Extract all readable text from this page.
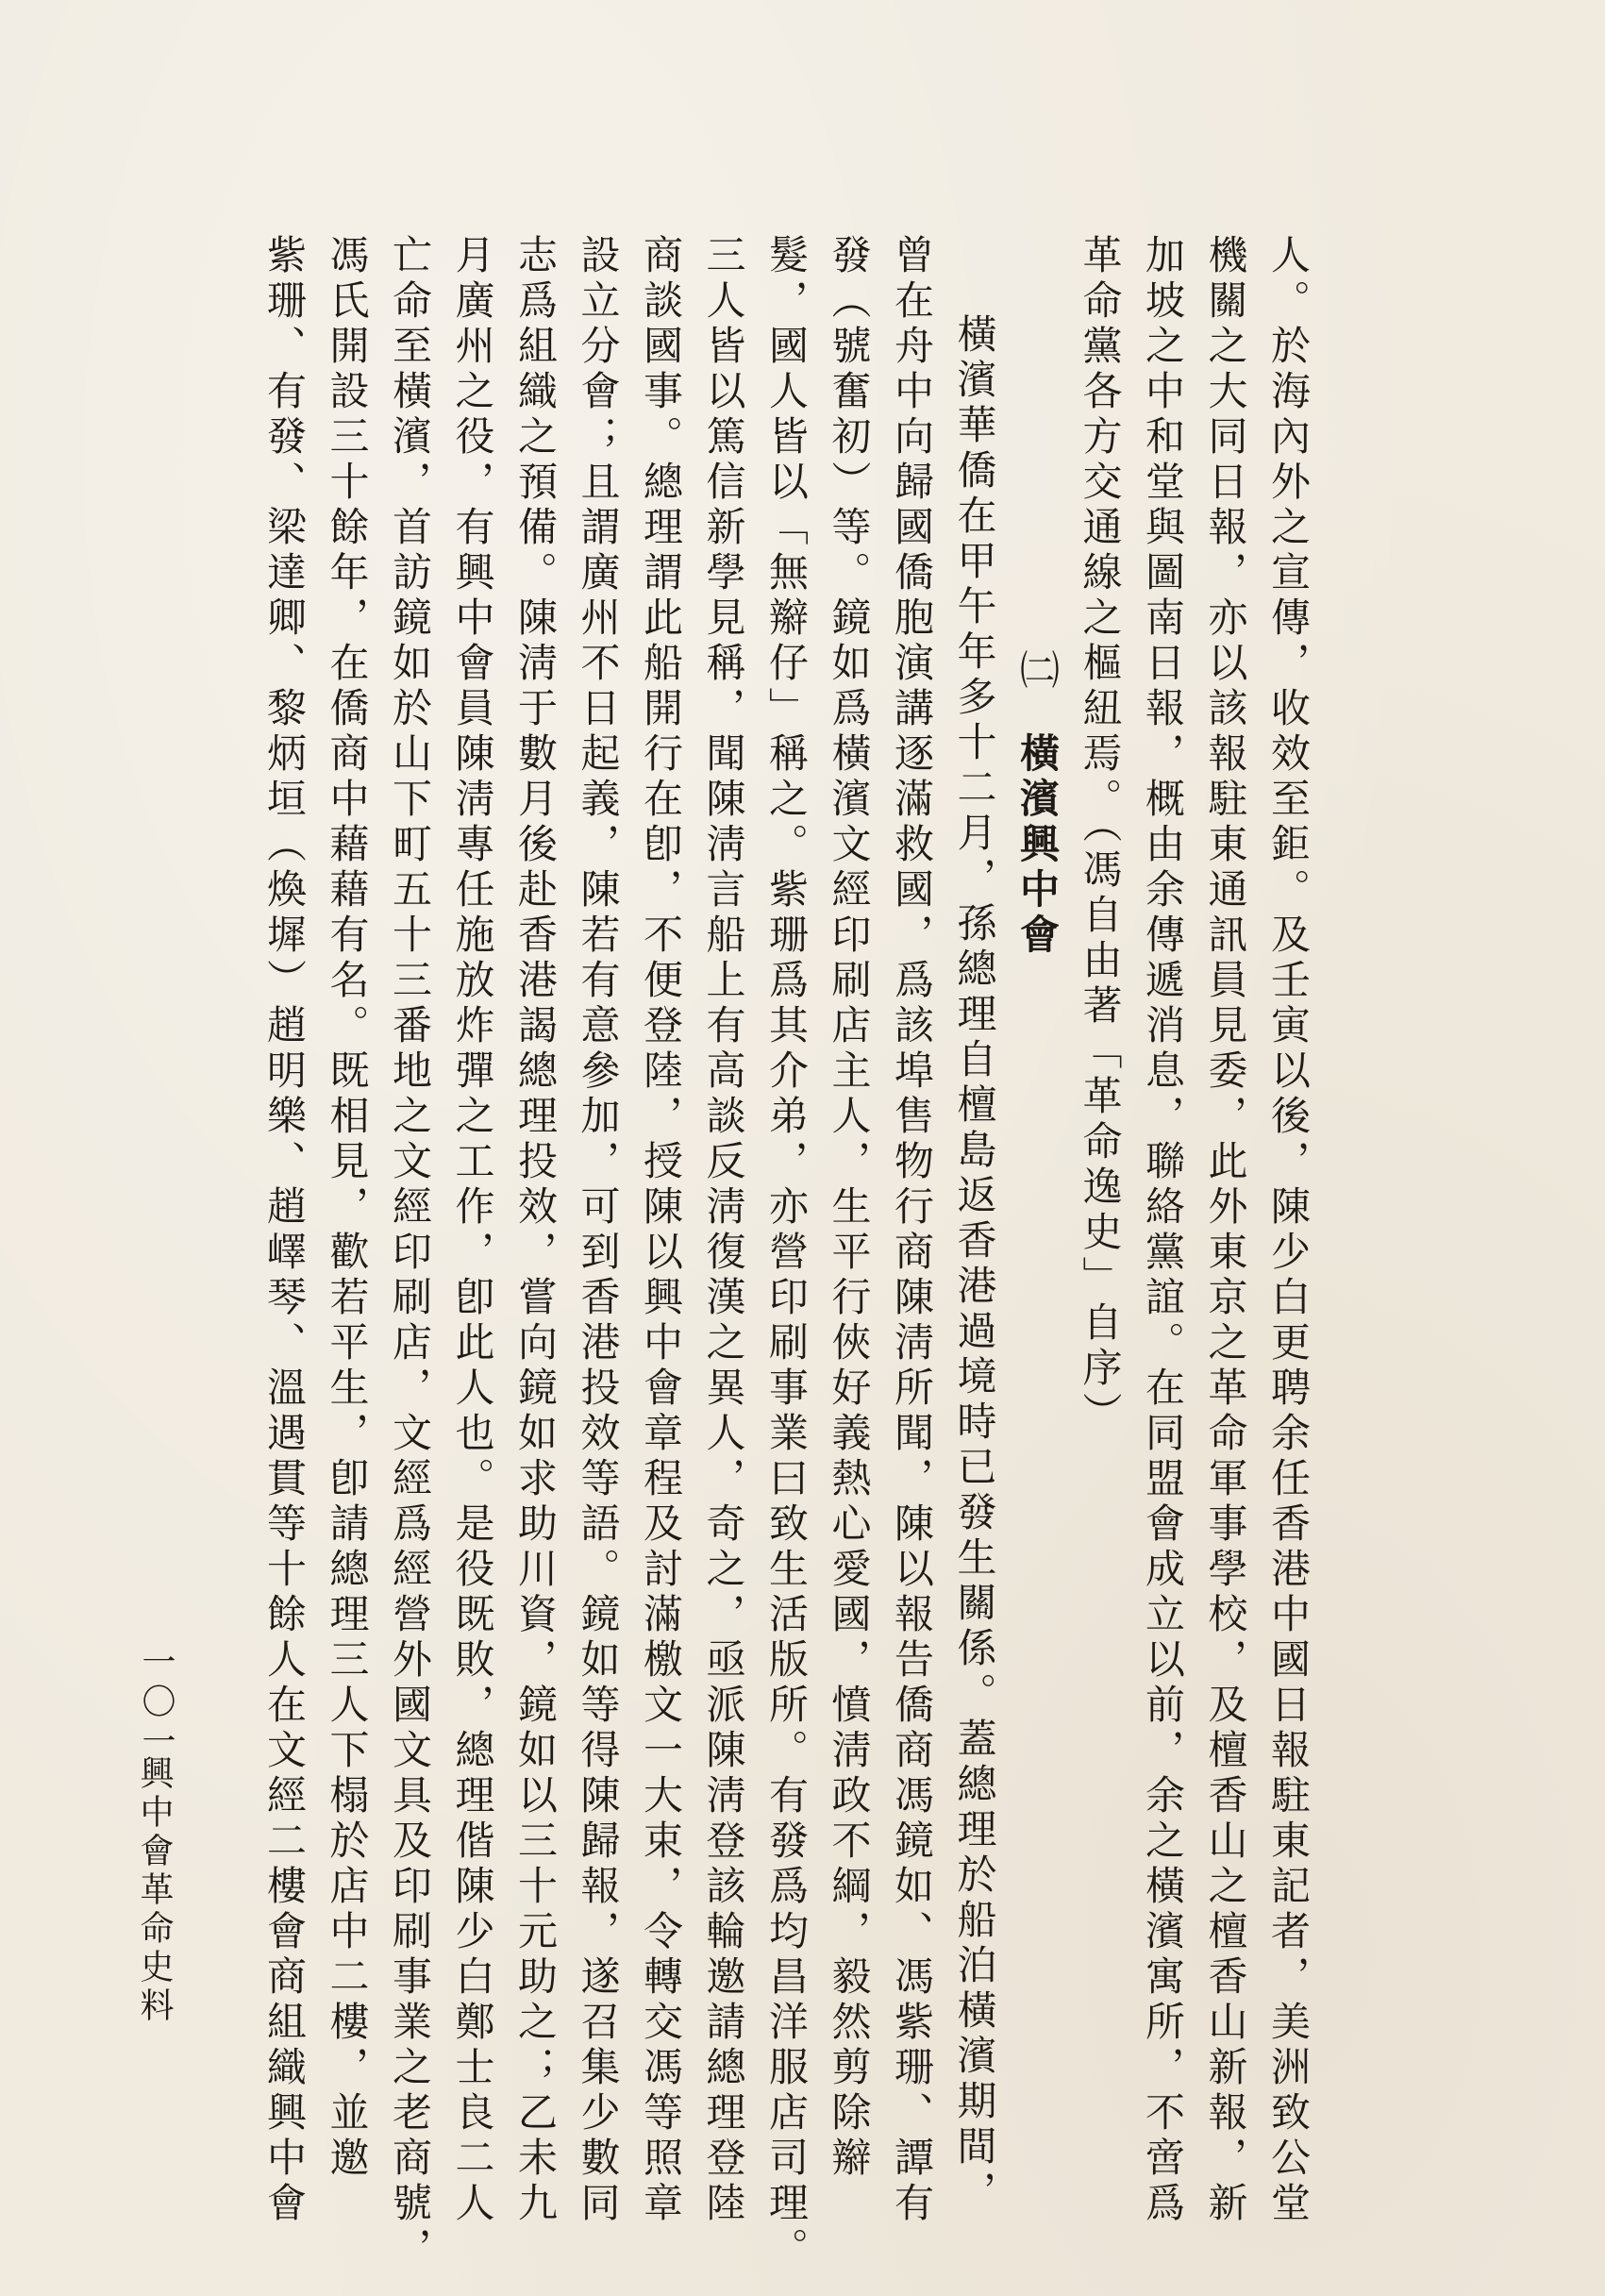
人。於海內外之宣傳，收效至鉅。及壬寅以後，陳少白更聘余任香港中國日報駐東記者，美洲致公堂
機關之大同日報，亦以該報駐東通訊員見委，此外東京之革命軍事學校，及檀香山之檀香山新報，新
加坡之中和堂與圖南日報，概由余傳遞消息，聯絡黨誼。在同盟會成立以前，余之橫濱寓所，不啻爲
革命黨各方交通線之樞紐焉。（馮自由著「革命逸史」自序）
㈡橫濱興中會
橫濱華僑在甲午年多十二月，孫總理自檀島返香港過境時已發生關係。蓋總理於船泊橫濱期間，
曾在舟中向歸國僑胞演講逐滿救國，爲該埠售物行商陳淸所聞，陳以報告僑商馮鏡如、馮紫珊、譚有
發（號奮初）等。鏡如爲橫濱文經印刷店主人，生平行俠好義熱心愛國，憤淸政不綱，毅然剪除辮
髮，國人皆以「無辮仔」稱之。紫珊爲其介弟，亦營印刷事業曰致生活版所。有發爲均昌洋服店司理。
三人皆以篤信新學見稱，聞陳淸言船上有高談反淸復漢之異人，奇之，亟派陳淸登該輪邀請總理登陸
商談國事。總理謂此船開行在卽，不便登陸，授陳以興中會章程及討滿檄文一大束，令轉交馮等照章
設立分會；且謂廣州不日起義，陳若有意參加，可到香港投效等語。鏡如等得陳歸報，遂召集少數同
志爲組織之預備。陳淸于數月後赴香港謁總理投效，嘗向鏡如求助川資，鏡如以三十元助之；乙未九
月廣州之役，有興中會員陳淸專任施放炸彈之工作，卽此人也。是役既敗，總理偕陳少白鄭士良二人
亡命至橫濱，首訪鏡如於山下町五十三番地之文經印刷店，文經爲經營外國文具及印刷事業之老商號，
馮氏開設三十餘年，在僑商中藉藉有名。既相見，歡若平生，卽請總理三人下榻於店中二樓，並邀
紫珊、有發、梁達卿、黎炳垣（煥墀）趙明樂、趙嶧琴、溫遇貫等十餘人在文經二樓會商組織興中會
一〇一
興中會革命史料
